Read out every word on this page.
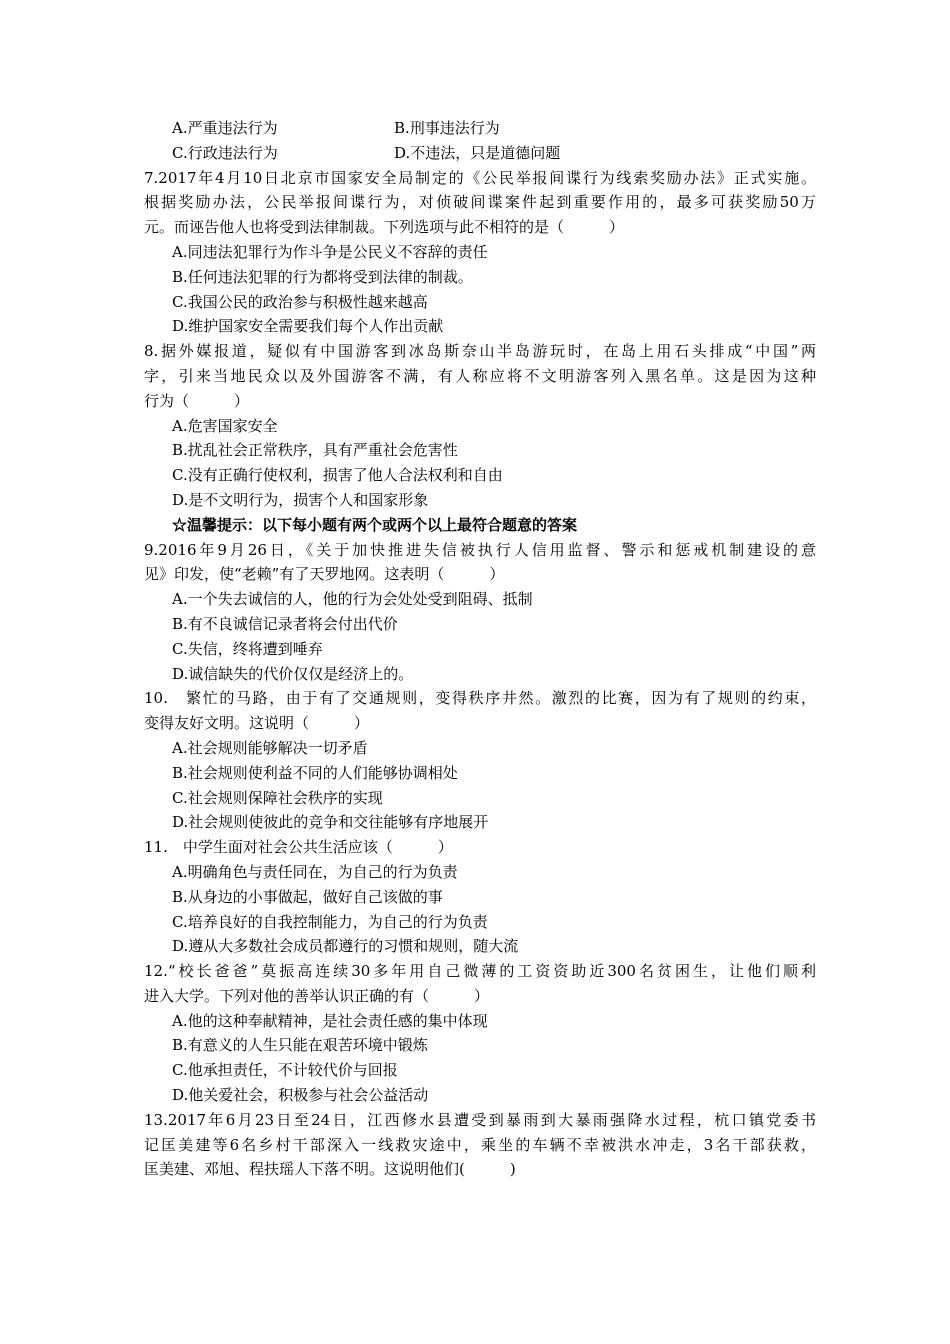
A.严重违法行为	B.刑事违法行为
C.行政违法行为	D.不违法，只是道德问题
7.2017年4月10日北京市国家安全局制定的《公民举报间谍行为线索奖励办法》正式实施。
根据奖励办法，公民举报间谍行为，对侦破间谍案件起到重要作用的，最多可获奖励50万
元。而诬告他人也将受到法律制裁。下列选项与此不相符的是（　　　）
A.同违法犯罪行为作斗争是公民义不容辞的责任
B.任何违法犯罪的行为都将受到法律的制裁。
C.我国公民的政治参与积极性越来越高
D.维护国家安全需要我们每个人作出贡献
8.据外媒报道，疑似有中国游客到冰岛斯奈山半岛游玩时，在岛上用石头排成“中国”两
字，引来当地民众以及外国游客不满，有人称应将不文明游客列入黑名单。这是因为这种
行为（　　　）
A.危害国家安全
B.扰乱社会正常秩序，具有严重社会危害性
C.没有正确行使权利，损害了他人合法权利和自由
D.是不文明行为，损害个人和国家形象
☆温馨提示：以下每小题有两个或两个以上最符合题意的答案
9.2016年9月26日，《关于加快推进失信被执行人信用监督、警示和惩戒机制建设的意
见》印发，使“老赖”有了天罗地网。这表明（　　　）
A.一个失去诚信的人，他的行为会处处受到阻碍、抵制
B.有不良诚信记录者将会付出代价
C.失信，终将遭到唾弃
D.诚信缺失的代价仅仅是经济上的。
10.　繁忙的马路，由于有了交通规则，变得秩序井然。激烈的比赛，因为有了规则的约束，
变得友好文明。这说明（　　　）
A.社会规则能够解决一切矛盾
B.社会规则使利益不同的人们能够协调相处
C.社会规则保障社会秩序的实现
D.社会规则使彼此的竞争和交往能够有序地展开
11.　中学生面对社会公共生活应该（　　　）
A.明确角色与责任同在，为自己的行为负责
B.从身边的小事做起，做好自己该做的事
C.培养良好的自我控制能力，为自己的行为负责
D.遵从大多数社会成员都遵行的习惯和规则，随大流
12.“校长爸爸”莫振高连续30多年用自己微薄的工资资助近300名贫困生，让他们顺利
进入大学。下列对他的善举认识正确的有（　　　）
A.他的这种奉献精神，是社会责任感的集中体现
B.有意义的人生只能在艰苦环境中锻炼
C.他承担责任，不计较代价与回报
D.他关爱社会，积极参与社会公益活动
13.2017年6月23日至24日，江西修水县遭受到暴雨到大暴雨强降水过程，杭口镇党委书
记匡美建等6名乡村干部深入一线救灾途中，乘坐的车辆不幸被洪水冲走，3名干部获救，
匡美建、邓旭、程扶瑶人下落不明。这说明他们(　　　)
